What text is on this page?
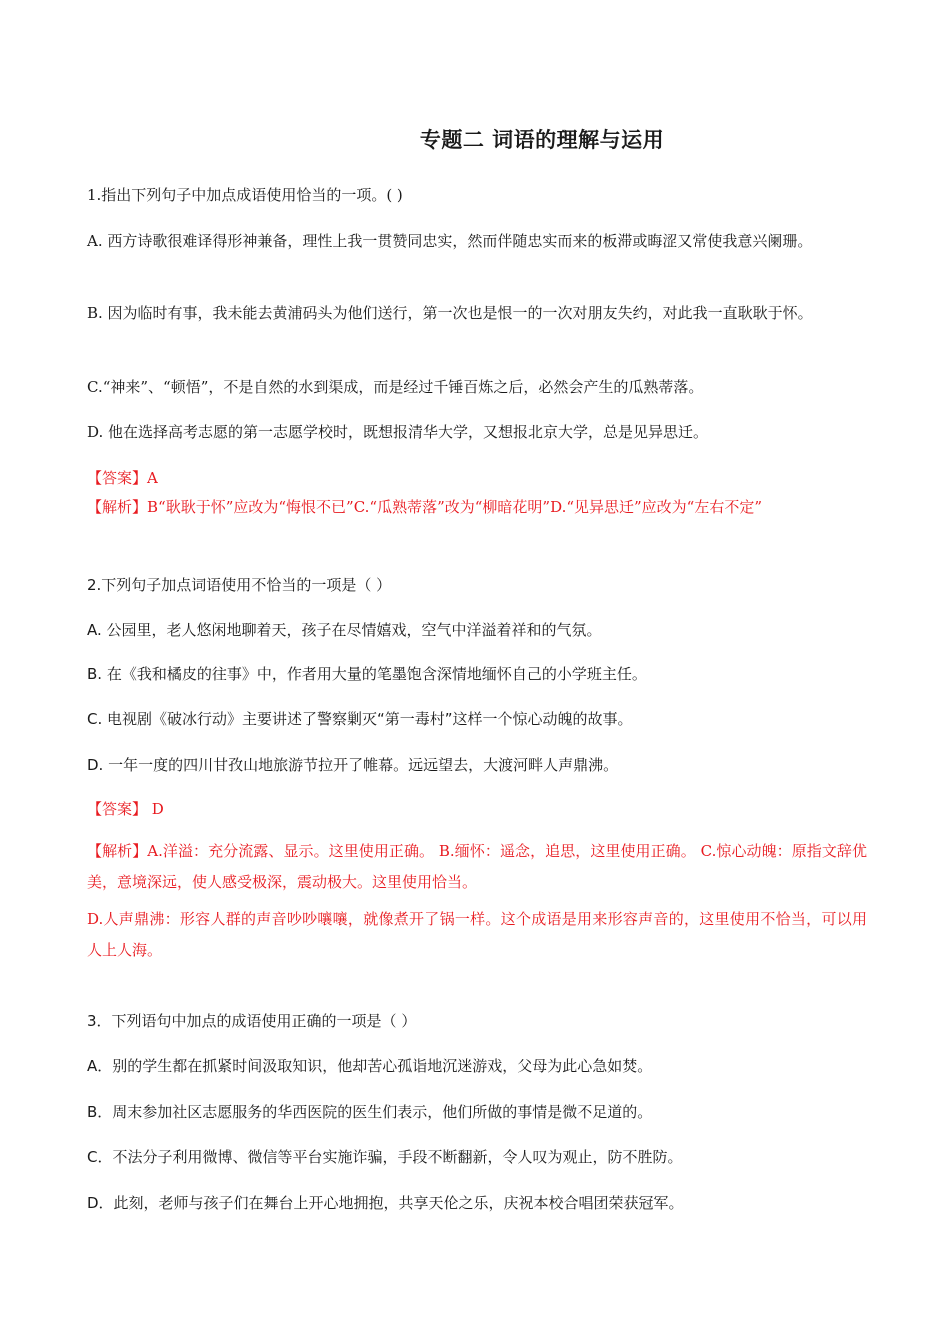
专题二 词语的理解与运用
1.指出下列句子中加点成语使用恰当的一项。( )
A. 西方诗歌很难译得形神兼备，理性上我一贯赞同忠实，然而伴随忠实而来的板滞或晦涩又常使我意兴阑珊。
B. 因为临时有事，我未能去黄浦码头为他们送行，第一次也是恨一的一次对朋友失约，对此我一直耿耿于怀。
C.“神来”、“顿悟”，不是自然的水到渠成，而是经过千锤百炼之后，必然会产生的瓜熟蒂落。
D. 他在选择高考志愿的第一志愿学校时，既想报清华大学，又想报北京大学，总是见异思迁。
【答案】A
【解析】B“耿耿于怀”应改为“悔恨不已”C.“瓜熟蒂落”改为“柳暗花明”D.“见异思迁”应改为“左右不定”
2.下列句子加点词语使用不恰当的一项是（ ）
A. 公园里，老人悠闲地聊着天，孩子在尽情嬉戏，空气中洋溢着祥和的气氛。
B. 在《我和橘皮的往事》中，作者用大量的笔墨饱含深情地缅怀自己的小学班主任。
C. 电视剧《破冰行动》主要讲述了警察剿灭“第一毒村”这样一个惊心动魄的故事。
D. 一年一度的四川甘孜山地旅游节拉开了帷幕。远远望去，大渡河畔人声鼎沸。
【答案】 D
【解析】A.洋溢：充分流露、显示。这里使用正确。 B.缅怀：遥念，追思，这里使用正确。 C.惊心动魄：原指文辞优美，意境深远，使人感受极深，震动极大。这里使用恰当。
D.人声鼎沸：形容人群的声音吵吵嚷嚷，就像煮开了锅一样。这个成语是用来形容声音的，这里使用不恰当，可以用人上人海。
3．下列语句中加点的成语使用正确的一项是（ ）
A．别的学生都在抓紧时间汲取知识，他却苦心孤诣地沉迷游戏，父母为此心急如焚。
B．周末参加社区志愿服务的华西医院的医生们表示，他们所做的事情是微不足道的。
C．不法分子利用微博、微信等平台实施诈骗，手段不断翻新，令人叹为观止，防不胜防。
D．此刻，老师与孩子们在舞台上开心地拥抱，共享天伦之乐，庆祝本校合唱团荣获冠军。
